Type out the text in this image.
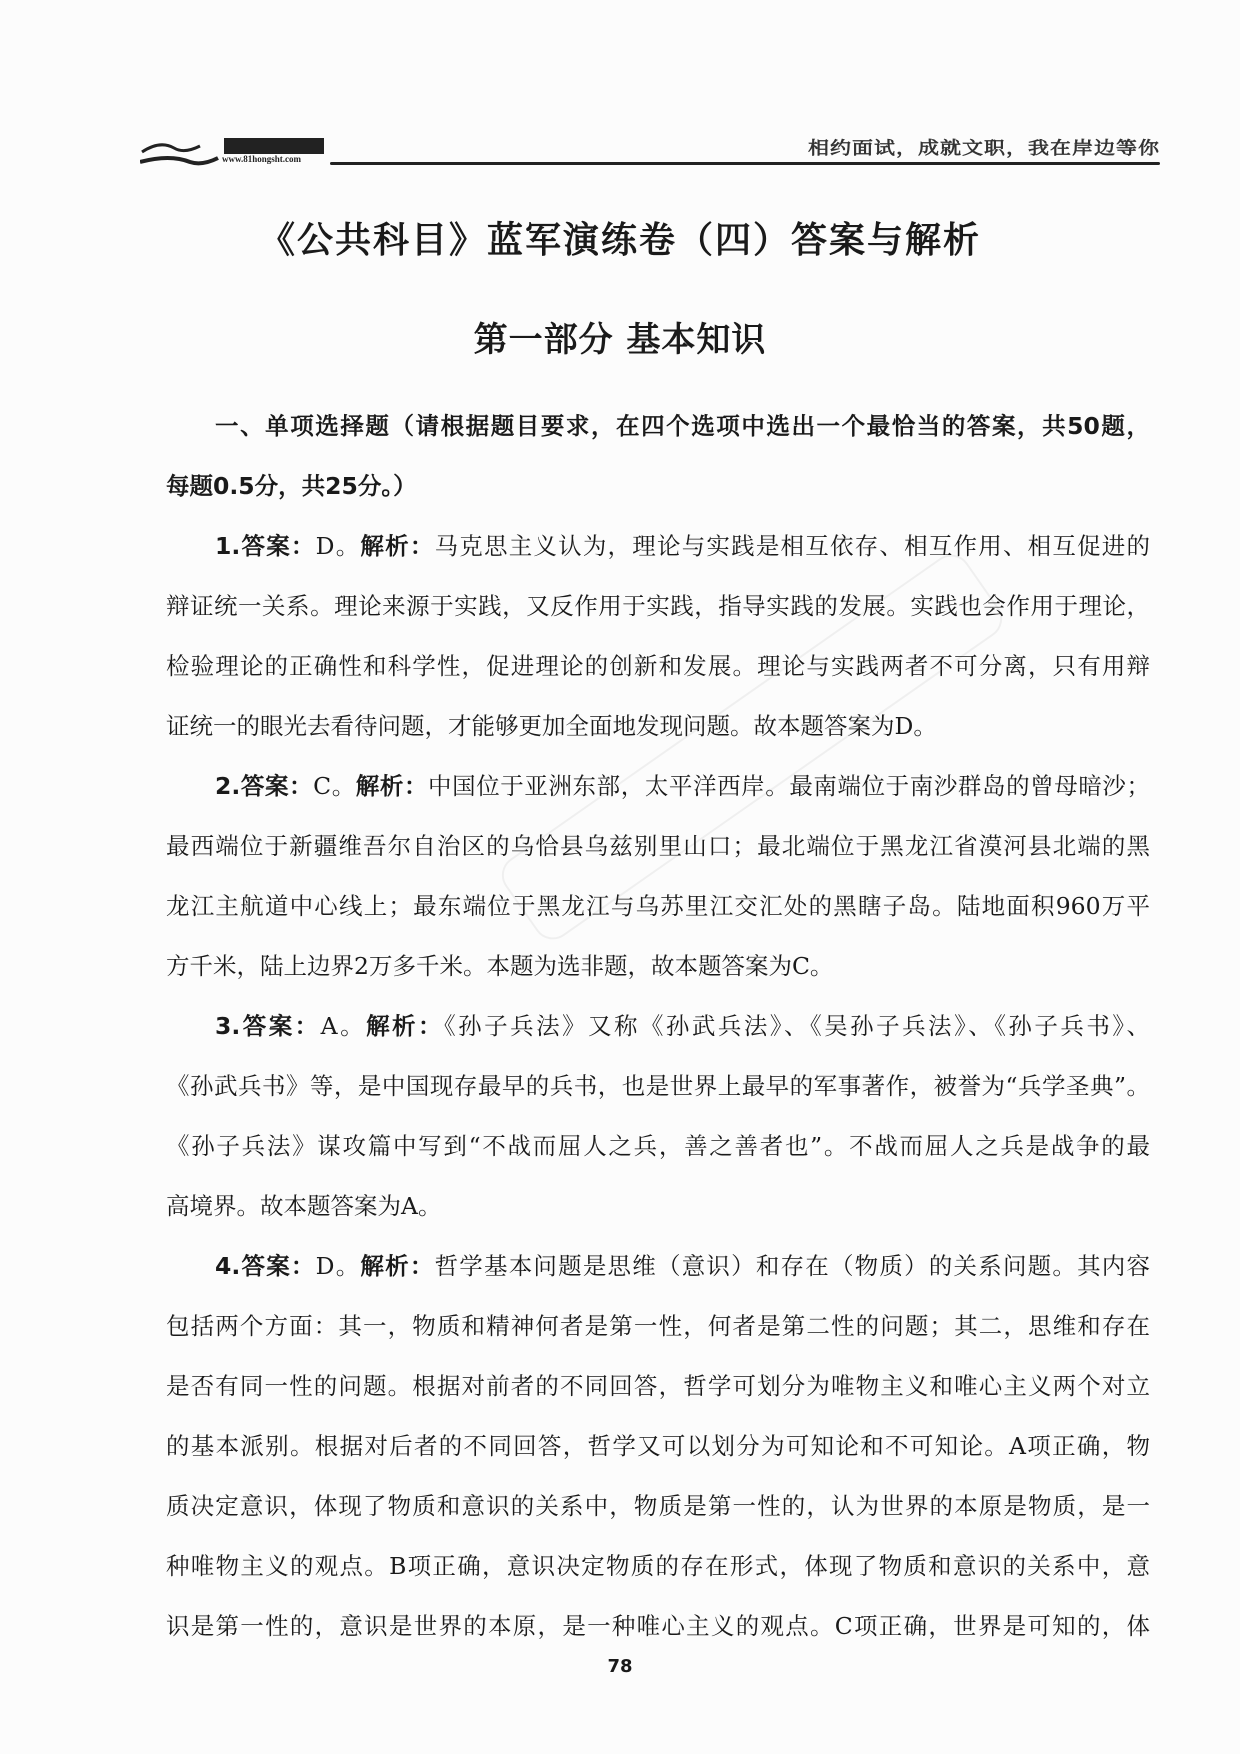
www.81hongsht.com
相约面试，成就文职，我在岸边等你
《公共科目》蓝军演练卷（四）答案与解析
第一部分 基本知识
一、单项选择题（请根据题目要求，在四个选项中选出一个最恰当的答案，共50题，
每题0.5分，共25分。）
1.答案：D。解析：马克思主义认为，理论与实践是相互依存、相互作用、相互促进的
辩证统一关系。理论来源于实践，又反作用于实践，指导实践的发展。实践也会作用于理论，
检验理论的正确性和科学性，促进理论的创新和发展。理论与实践两者不可分离，只有用辩
证统一的眼光去看待问题，才能够更加全面地发现问题。故本题答案为D。
2.答案：C。解析：中国位于亚洲东部，太平洋西岸。最南端位于南沙群岛的曾母暗沙；
最西端位于新疆维吾尔自治区的乌恰县乌兹别里山口；最北端位于黑龙江省漠河县北端的黑
龙江主航道中心线上；最东端位于黑龙江与乌苏里江交汇处的黑瞎子岛。陆地面积960万平
方千米，陆上边界2万多千米。本题为选非题，故本题答案为C。
3.答案：A。解析：《孙子兵法》又称《孙武兵法》、《吴孙子兵法》、《孙子兵书》、
《孙武兵书》等，是中国现存最早的兵书，也是世界上最早的军事著作，被誉为“兵学圣典”。
《孙子兵法》谋攻篇中写到“不战而屈人之兵，善之善者也”。不战而屈人之兵是战争的最
高境界。故本题答案为A。
4.答案：D。解析：哲学基本问题是思维（意识）和存在（物质）的关系问题。其内容
包括两个方面：其一，物质和精神何者是第一性，何者是第二性的问题；其二，思维和存在
是否有同一性的问题。根据对前者的不同回答，哲学可划分为唯物主义和唯心主义两个对立
的基本派别。根据对后者的不同回答，哲学又可以划分为可知论和不可知论。A项正确，物
质决定意识，体现了物质和意识的关系中，物质是第一性的，认为世界的本原是物质，是一
种唯物主义的观点。B项正确，意识决定物质的存在形式，体现了物质和意识的关系中，意
识是第一性的，意识是世界的本原，是一种唯心主义的观点。C项正确，世界是可知的，体
78
